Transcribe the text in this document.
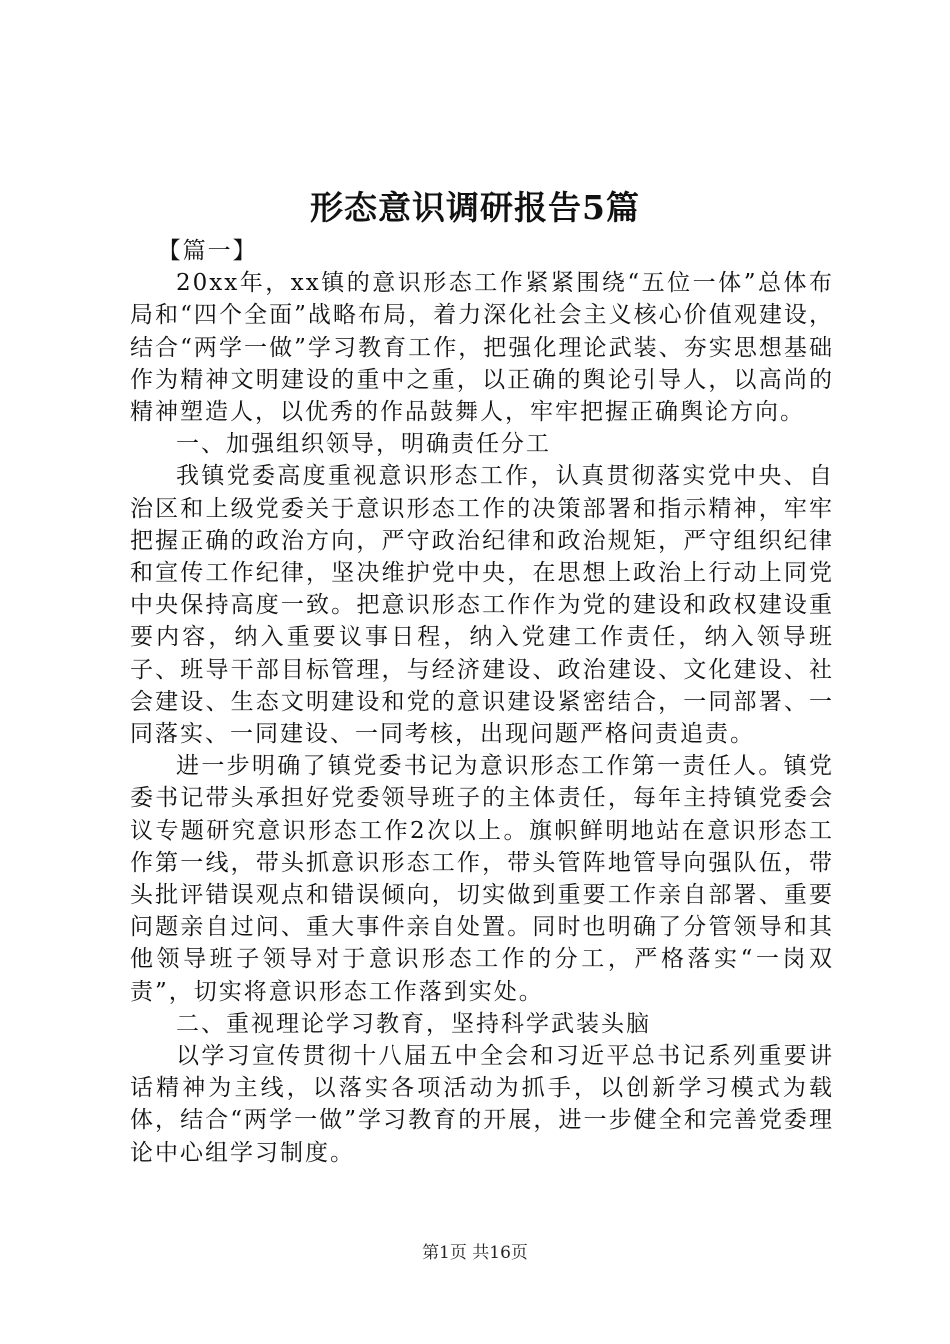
形态意识调研报告5篇

【篇一】

20xx年，xx镇的意识形态工作紧紧围绕“五位一体”总体布局和“四个全面”战略布局，着力深化社会主义核心价值观建设，结合“两学一做”学习教育工作，把强化理论武装、夯实思想基础作为精神文明建设的重中之重，以正确的舆论引导人，以高尚的精神塑造人，以优秀的作品鼓舞人，牢牢把握正确舆论方向。

一、加强组织领导，明确责任分工

我镇党委高度重视意识形态工作，认真贯彻落实党中央、自治区和上级党委关于意识形态工作的决策部署和指示精神，牢牢把握正确的政治方向，严守政治纪律和政治规矩，严守组织纪律和宣传工作纪律，坚决维护党中央，在思想上政治上行动上同党中央保持高度一致。把意识形态工作作为党的建设和政权建设重要内容，纳入重要议事日程，纳入党建工作责任，纳入领导班子、班导干部目标管理，与经济建设、政治建设、文化建设、社会建设、生态文明建设和党的意识建设紧密结合，一同部署、一同落实、一同建设、一同考核，出现问题严格问责追责。

进一步明确了镇党委书记为意识形态工作第一责任人。镇党委书记带头承担好党委领导班子的主体责任，每年主持镇党委会议专题研究意识形态工作2次以上。旗帜鲜明地站在意识形态工作第一线，带头抓意识形态工作，带头管阵地管导向强队伍，带头批评错误观点和错误倾向，切实做到重要工作亲自部署、重要问题亲自过问、重大事件亲自处置。同时也明确了分管领导和其他领导班子领导对于意识形态工作的分工，严格落实“一岗双责”，切实将意识形态工作落到实处。

二、重视理论学习教育，坚持科学武装头脑

以学习宣传贯彻十八届五中全会和习近平总书记系列重要讲话精神为主线，以落实各项活动为抓手，以创新学习模式为载体，结合“两学一做”学习教育的开展，进一步健全和完善党委理论中心组学习制度。

第1页 共16页
